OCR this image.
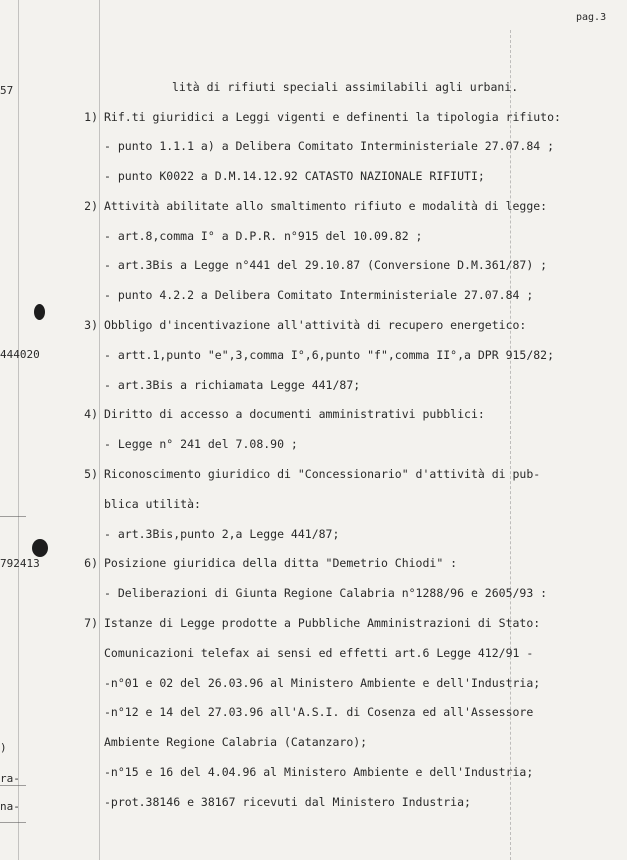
pag.3
57
444020
792413
)
ra-
na-
1)
2)
3)
4)
5)
6)
7)
lità di rifiuti speciali assimilabili agli urbani.
Rif.ti giuridici a Leggi vigenti e definenti la tipologia rifiuto:
- punto 1.1.1 a) a Delibera Comitato Interministeriale 27.07.84 ;
- punto K0022 a D.M.14.12.92 CATASTO NAZIONALE RIFIUTI;
Attività abilitate allo smaltimento rifiuto e modalità di legge:
- art.8,comma I° a D.P.R. n°915 del 10.09.82 ;
- art.3Bis a Legge n°441 del 29.10.87 (Conversione D.M.361/87) ;
- punto 4.2.2 a Delibera Comitato Interministeriale 27.07.84 ;
Obbligo d'incentivazione all'attività di recupero energetico:
- artt.1,punto "e",3,comma I°,6,punto "f",comma II°,a DPR 915/82;
- art.3Bis a richiamata Legge 441/87;
Diritto di accesso a documenti amministrativi pubblici:
- Legge n° 241 del 7.08.90 ;
Riconoscimento giuridico di "Concessionario" d'attività di pub-
blica utilità:
- art.3Bis,punto 2,a Legge 441/87;
Posizione giuridica della ditta "Demetrio Chiodi" :
- Deliberazioni di Giunta Regione Calabria n°1288/96 e 2605/93 :
Istanze di Legge prodotte a Pubbliche Amministrazioni di Stato:
Comunicazioni telefax ai sensi ed effetti art.6 Legge 412/91 -
-n°01 e 02 del 26.03.96 al Ministero Ambiente e dell'Industria;
-n°12 e 14 del 27.03.96 all'A.S.I. di Cosenza ed all'Assessore
Ambiente Regione Calabria (Catanzaro);
-n°15 e 16 del 4.04.96 al Ministero Ambiente e dell'Industria;
-prot.38146 e 38167 ricevuti dal Ministero Industria;
